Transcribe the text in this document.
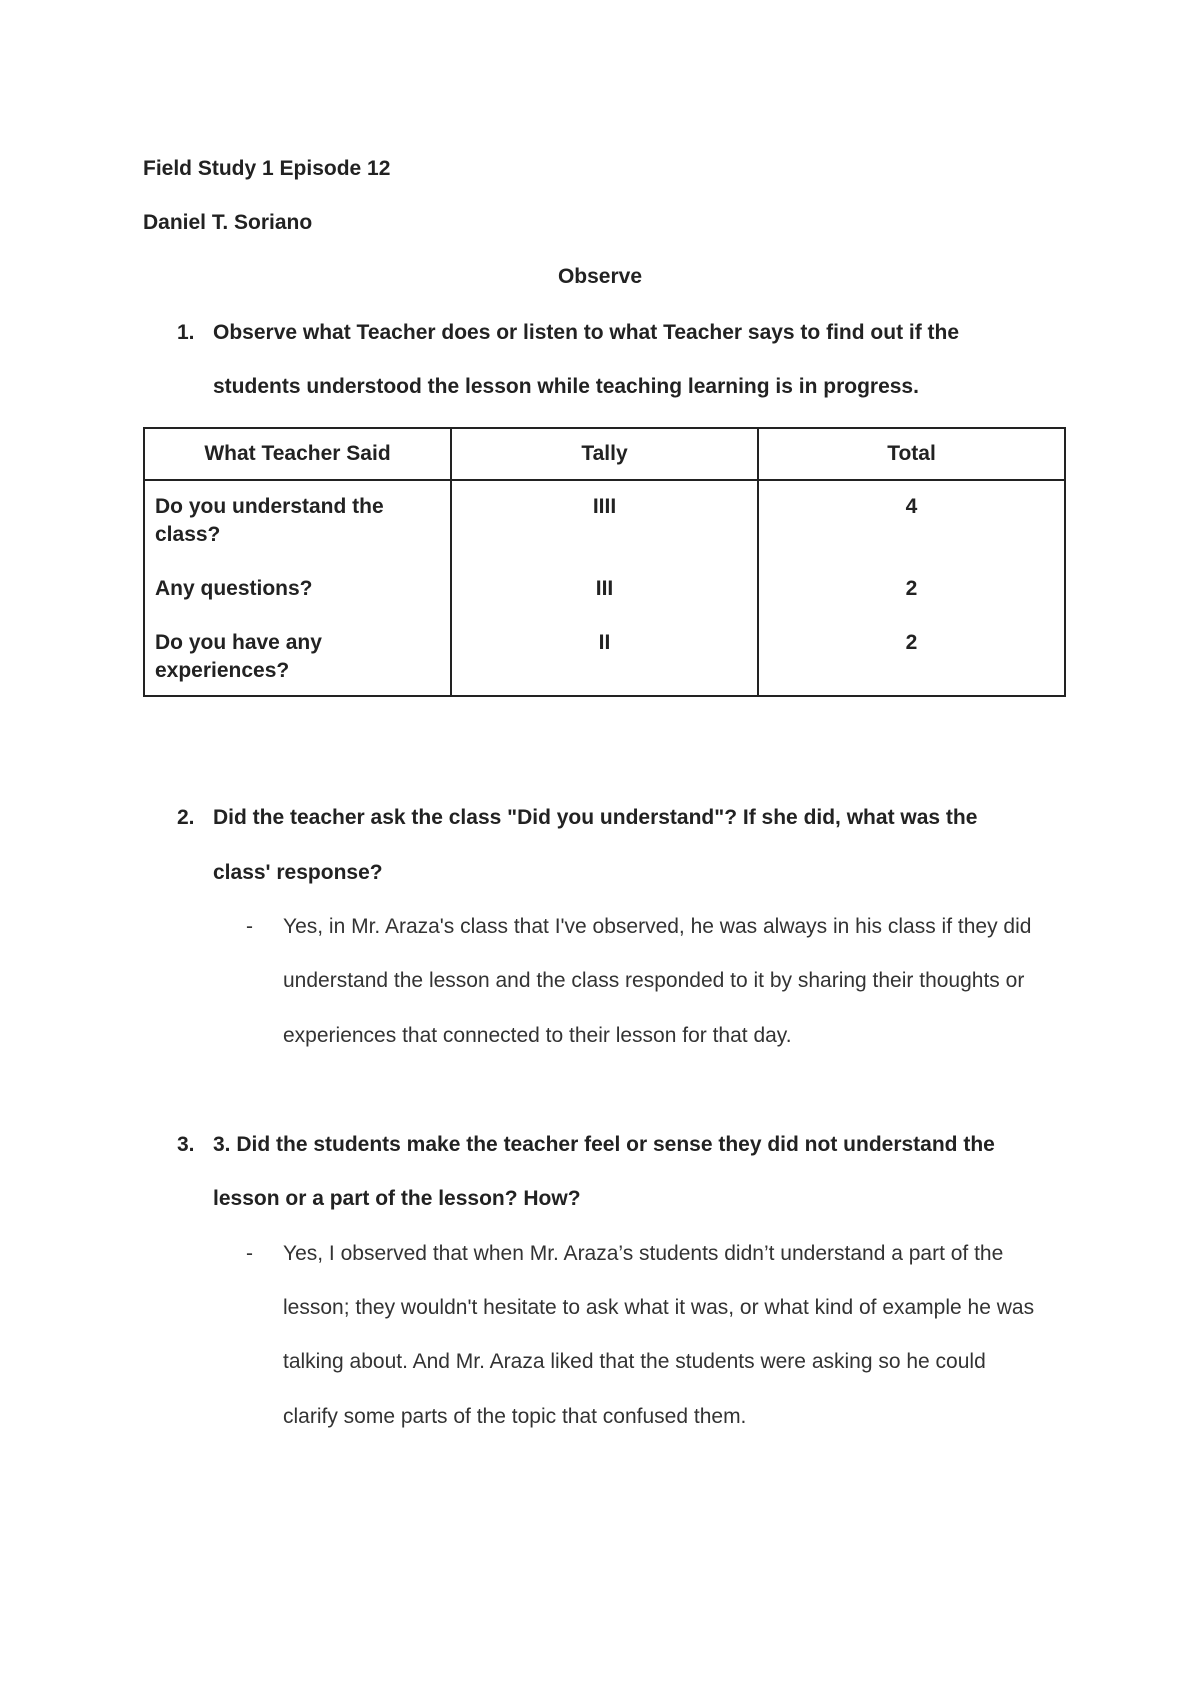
Field Study 1 Episode 12
Daniel T. Soriano
Observe
1. Observe what Teacher does or listen to what Teacher says to find out if the
students understood the lesson while teaching learning is in progress.
What Teacher Said	Tally	Total

Do you understand the
class?	IIII	4

Any questions?	III	2

Do you have any
experiences?	II	2
2. Did the teacher ask the class "Did you understand"? If she did, what was the
class' response?
- Yes, in Mr. Araza's class that I've observed, he was always in his class if they did
understand the lesson and the class responded to it by sharing their thoughts or
experiences that connected to their lesson for that day.
3. 3. Did the students make the teacher feel or sense they did not understand the
lesson or a part of the lesson? How?
- Yes, I observed that when Mr. Araza’s students didn’t understand a part of the
lesson; they wouldn't hesitate to ask what it was, or what kind of example he was
talking about. And Mr. Araza liked that the students were asking so he could
clarify some parts of the topic that confused them.
